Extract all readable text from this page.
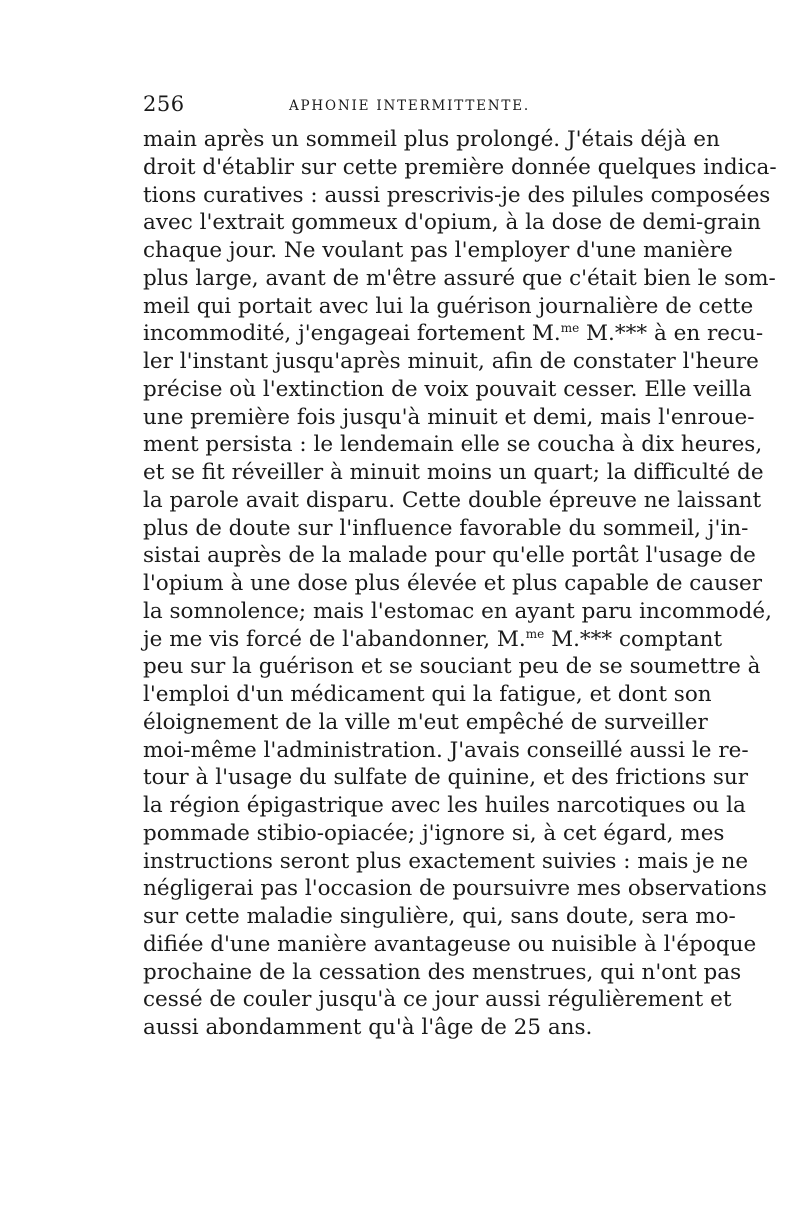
256	APHONIE INTERMITTENTE.
main après un sommeil plus prolongé. J'étais déjà en
droit d'établir sur cette première donnée quelques indica-
tions curatives : aussi prescrivis-je des pilules composées
avec l'extrait gommeux d'opium, à la dose de demi-grain
chaque jour. Ne voulant pas l'employer d'une manière
plus large, avant de m'être assuré que c'était bien le som-
meil qui portait avec lui la guérison journalière de cette
incommodité, j'engageai fortement M.$^{me}$ M.*** à en recu-
ler l'instant jusqu'après minuit, afin de constater l'heure
précise où l'extinction de voix pouvait cesser. Elle veilla
une première fois jusqu'à minuit et demi, mais l'enroue-
ment persista : le lendemain elle se coucha à dix heures,
et se fit réveiller à minuit moins un quart; la difficulté de
la parole avait disparu. Cette double épreuve ne laissant
plus de doute sur l'influence favorable du sommeil, j'in-
sistai auprès de la malade pour qu'elle portât l'usage de
l'opium à une dose plus élevée et plus capable de causer
la somnolence; mais l'estomac en ayant paru incommodé,
je me vis forcé de l'abandonner, M.$^{me}$ M.*** comptant
peu sur la guérison et se souciant peu de se soumettre à
l'emploi d'un médicament qui la fatigue, et dont son
éloignement de la ville m'eut empêché de surveiller
moi-même l'administration. J'avais conseillé aussi le re-
tour à l'usage du sulfate de quinine, et des frictions sur
la région épigastrique avec les huiles narcotiques ou la
pommade stibio-opiacée; j'ignore si, à cet égard, mes
instructions seront plus exactement suivies : mais je ne
négligerai pas l'occasion de poursuivre mes observations
sur cette maladie singulière, qui, sans doute, sera mo-
difiée d'une manière avantageuse ou nuisible à l'époque
prochaine de la cessation des menstrues, qui n'ont pas
cessé de couler jusqu'à ce jour aussi régulièrement et
aussi abondamment qu'à l'âge de 25 ans.
